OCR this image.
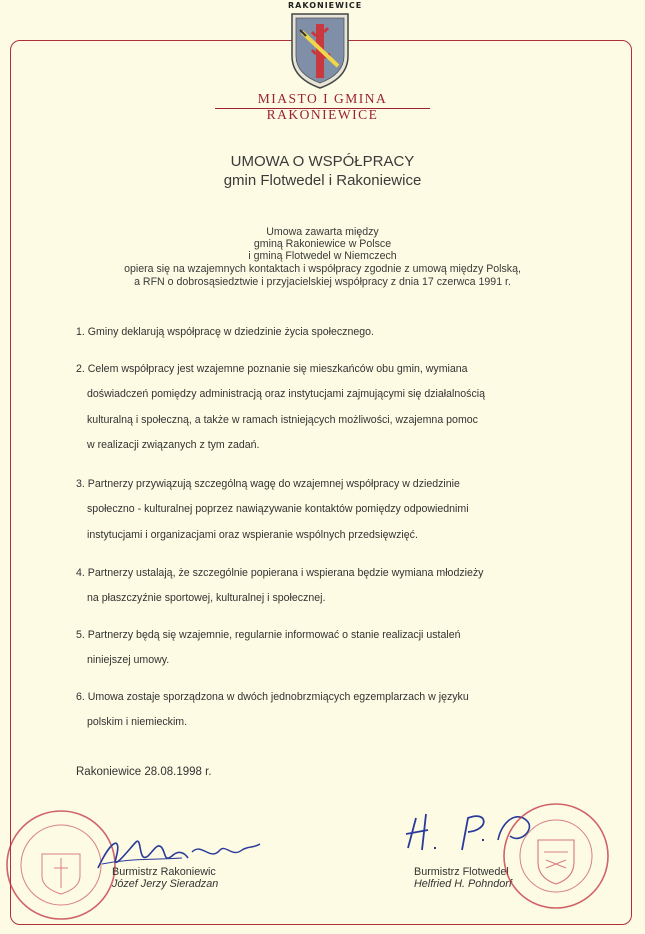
RAKONIEWICE
MIASTO I GMINA RAKONIEWICE
UMOWA O WSPÓŁPRACY
gmin Flotwedel i Rakoniewice
Umowa zawarta między
gminą Rakoniewice w Polsce
i gminą Flotwedel w Niemczech
opiera się na wzajemnych kontaktach i współpracy zgodnie z umową między Polską,
a RFN o dobrosąsiedztwie i przyjacielskiej współpracy z dnia 17 czerwca 1991 r.
1. Gminy deklarują współpracę w dziedzinie życia społecznego.
2. Celem współpracy jest wzajemne poznanie się mieszkańców obu gmin, wymiana
doświadczeń pomiędzy administracją oraz instytucjami zajmującymi się działalnością
kulturalną i społeczną, a także w ramach istniejących możliwości, wzajemna pomoc
w realizacji związanych z tym zadań.
3. Partnerzy przywiązują szczególną wagę do wzajemnej współpracy w dziedzinie
społeczno - kulturalnej poprzez nawiązywanie kontaktów pomiędzy odpowiednimi
instytucjami i organizacjami oraz wspieranie wspólnych przedsięwzięć.
4. Partnerzy ustalają, że szczególnie popierana i wspierana będzie wymiana młodzieży
na płaszczyźnie sportowej, kulturalnej i społecznej.
5. Partnerzy będą się wzajemnie, regularnie informować o stanie realizacji ustaleń
niniejszej umowy.
6. Umowa zostaje sporządzona w dwóch jednobrzmiących egzemplarzach w języku
polskim i niemieckim.
Rakoniewice 28.08.1998 r.
Burmistrz Rakoniewic
Józef Jerzy Sieradzan
Burmistrz Flotwedel
Helfried H. Pohndorf
